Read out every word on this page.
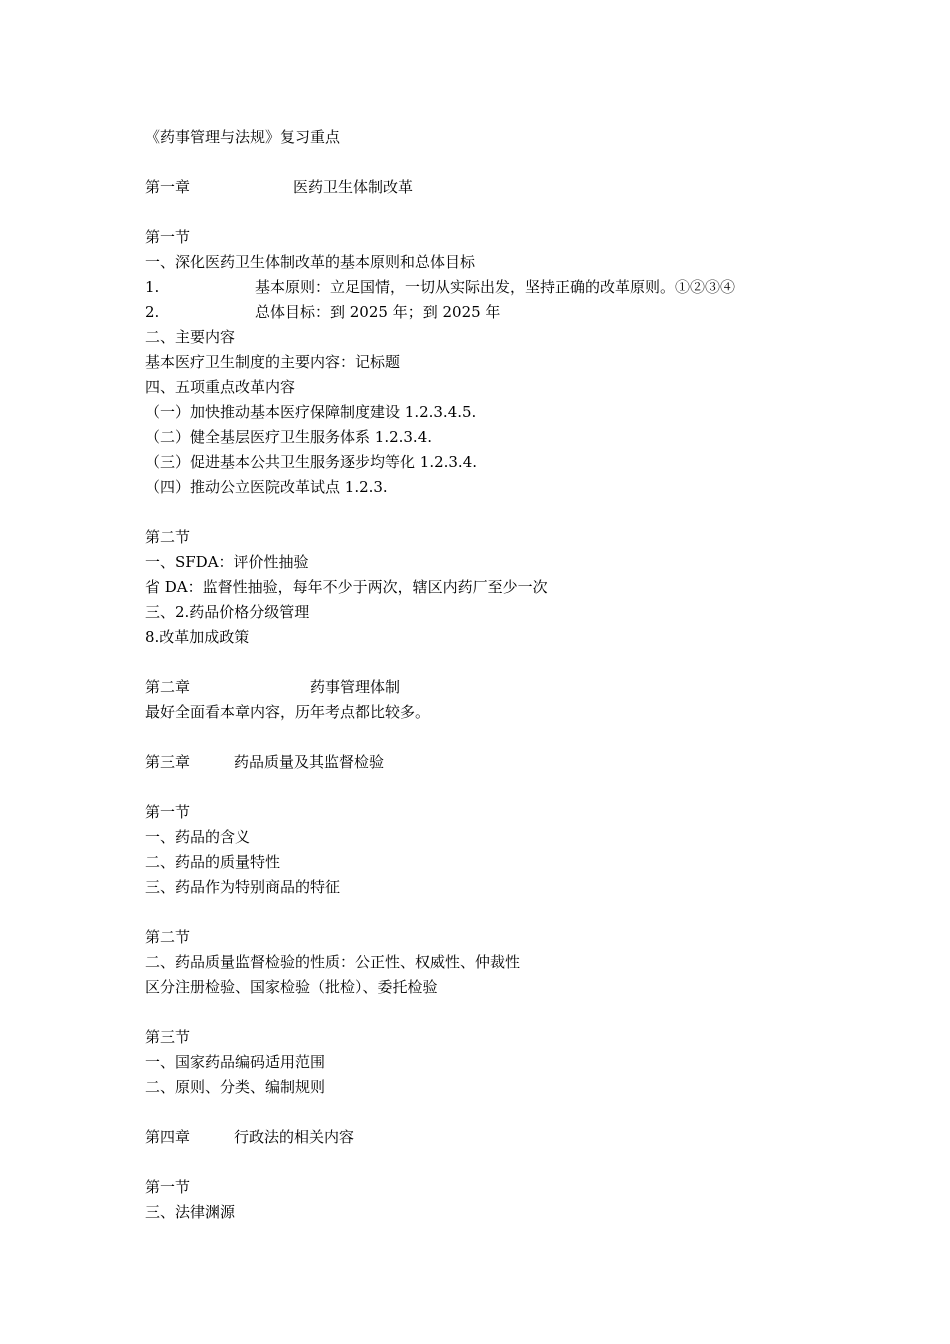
《药事管理与法规》复习重点
第一章	医药卫生体制改革
第一节
一、深化医药卫生体制改革的基本原则和总体目标
1.	基本原则：立足国情，一切从实际出发，坚持正确的改革原则。①②③④
2.	总体目标：到 2025 年；到 2025 年
二、主要内容
基本医疗卫生制度的主要内容：记标题
四、五项重点改革内容
（一）加快推动基本医疗保障制度建设 1.2.3.4.5.
（二）健全基层医疗卫生服务体系 1.2.3.4.
（三）促进基本公共卫生服务逐步均等化 1.2.3.4.
（四）推动公立医院改革试点 1.2.3.
第二节
一、SFDA：评价性抽验
省 DA：监督性抽验，每年不少于两次，辖区内药厂至少一次
三、2.药品价格分级管理
8.改革加成政策
第二章	药事管理体制
最好全面看本章内容，历年考点都比较多。
第三章	药品质量及其监督检验
第一节
一、药品的含义
二、药品的质量特性
三、药品作为特别商品的特征
第二节
二、药品质量监督检验的性质：公正性、权威性、仲裁性
区分注册检验、国家检验（批检）、委托检验
第三节
一、国家药品编码适用范围
二、原则、分类、编制规则
第四章	行政法的相关内容
第一节
三、法律渊源
